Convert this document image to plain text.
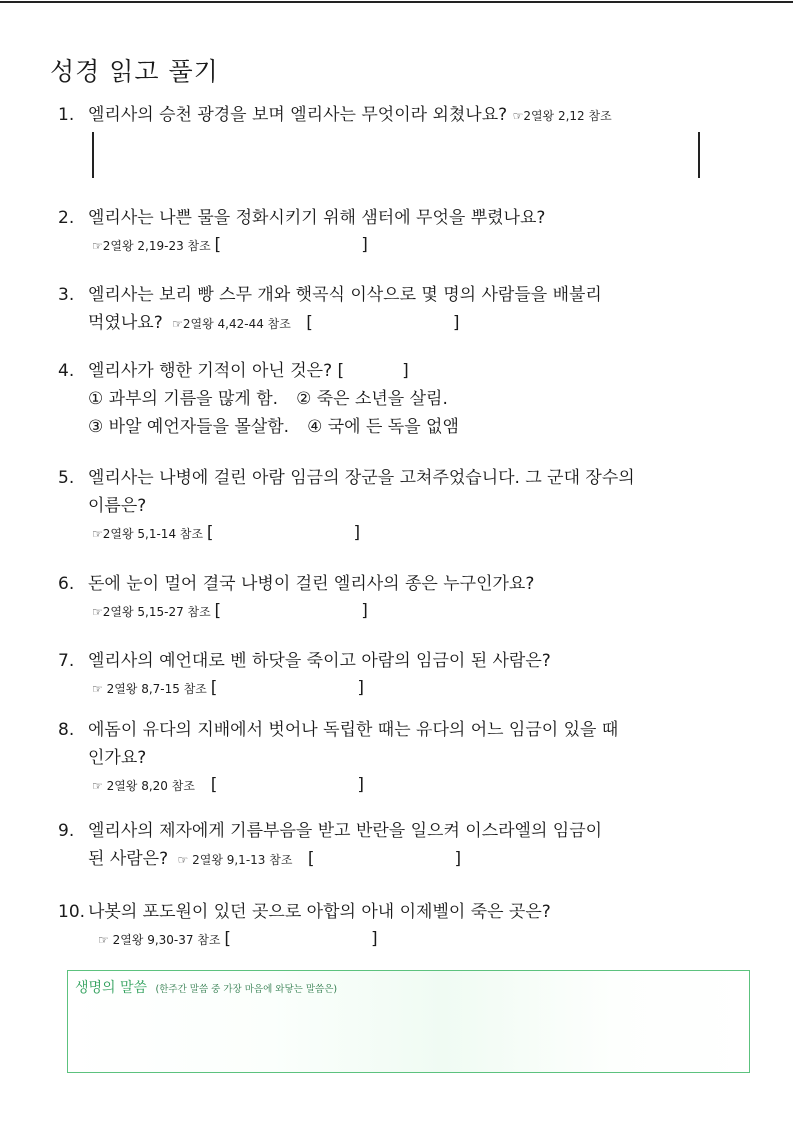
성경 읽고 풀기
1. 엘리사의 승천 광경을 보며 엘리사는 무엇이라 외쳤나요? ☞2열왕 2,12 참조
2. 엘리사는 나쁜 물을 정화시키기 위해 샘터에 무엇을 뿌렸나요?
☞2열왕 2,19-23 참조 [	]
3. 엘리사는 보리 빵 스무 개와 햇곡식 이삭으로 몇 명의 사람들을 배불리
먹였나요? ☞2열왕 4,42-44 참조 [	]
4. 엘리사가 행한 기적이 아닌 것은? [	]
① 과부의 기름을 많게 함. ② 죽은 소년을 살림.
③ 바알 예언자들을 몰살함. ④ 국에 든 독을 없앰
5. 엘리사는 나병에 걸린 아람 임금의 장군을 고쳐주었습니다. 그 군대 장수의
이름은?
☞2열왕 5,1-14 참조 [	]
6. 돈에 눈이 멀어 결국 나병이 걸린 엘리사의 종은 누구인가요?
☞2열왕 5,15-27 참조 [	]
7. 엘리사의 예언대로 벤 하닷을 죽이고 아람의 임금이 된 사람은?
☞ 2열왕 8,7-15 참조 [	]
8. 에돔이 유다의 지배에서 벗어나 독립한 때는 유다의 어느 임금이 있을 때
인가요?
☞ 2열왕 8,20 참조 [	]
9. 엘리사의 제자에게 기름부음을 받고 반란을 일으켜 이스라엘의 임금이
된 사람은? ☞ 2열왕 9,1-13 참조 [	]
10. 나봇의 포도원이 있던 곳으로 아합의 아내 이제벨이 죽은 곳은?
☞ 2열왕 9,30-37 참조 [	]
생명의 말씀 (한주간 말씀 중 가장 마음에 와닿는 말씀은)
